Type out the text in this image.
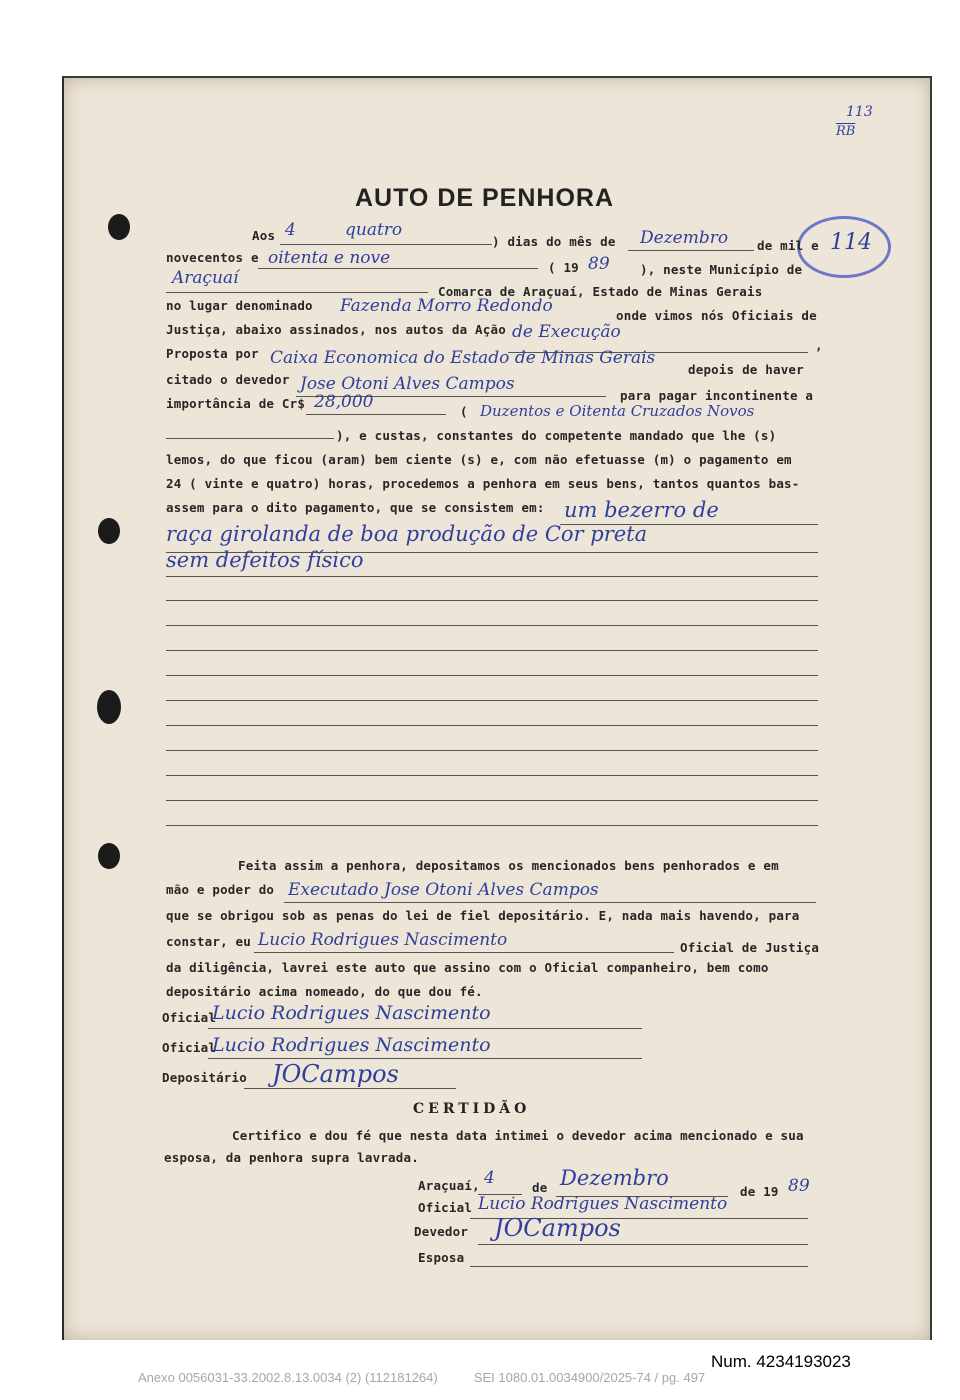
113
$\overline{RB}$
114
AUTO DE PENHORA
Aos 4	quatro
) dias do mês de Dezembro de mil e
novecentos e oitenta e nove	( 19 89 ), neste Município de
Araçuaí
Comarca de Araçuaí, Estado de Minas Gerais
no lugar denominado Fazenda Morro Redondo	onde vimos nós Oficiais de
Justiça, abaixo assinados, nos autos da Ação de Execução
,
Proposta por Caixa Economica do Estado de Minas Gerais
depois de haver
citado o devedor Jose Otoni Alves Campos
para pagar incontinente a
importância de Cr$ 28,000	( Duzentos e Oitenta Cruzados Novos
), e custas, constantes do competente mandado que lhe (s)
lemos, do que ficou (aram) bem ciente (s) e, com não efetuasse (m) o pagamento em
24 ( vinte e quatro) horas, procedemos a penhora em seus bens, tantos quantos bas-
assem para o dito pagamento, que se consistem em: um bezerro de
raça girolanda de boa produção de Cor preta
sem defeitos físico
Feita assim a penhora, depositamos os mencionados bens penhorados e em
mão e poder do Executado Jose Otoni Alves Campos
que se obrigou sob as penas do lei de fiel depositário. E, nada mais havendo, para
constar, eu Lucio Rodrigues Nascimento	Oficial de Justiça
da diligência, lavrei este auto que assino com o Oficial companheiro, bem como
depositário acima nomeado, do que dou fé.
Oficial
Lucio Rodrigues Nascimento
Oficial
Lucio Rodrigues Nascimento
Depositário JOCampos
CERTIDÃO
Certifico e dou fé que nesta data intimei o devedor acima mencionado e sua
esposa, da penhora supra lavrada.
Araçuaí, 4	de Dezembro
de 19 89
Oficial Lucio Rodrigues Nascimento
Devedor JOCampos
Esposa
Num. 4234193023
Anexo 0056031-33.2002.8.13.0034 (2) (112181264)          SEI 1080.01.0034900/2025-74 / pg. 497
